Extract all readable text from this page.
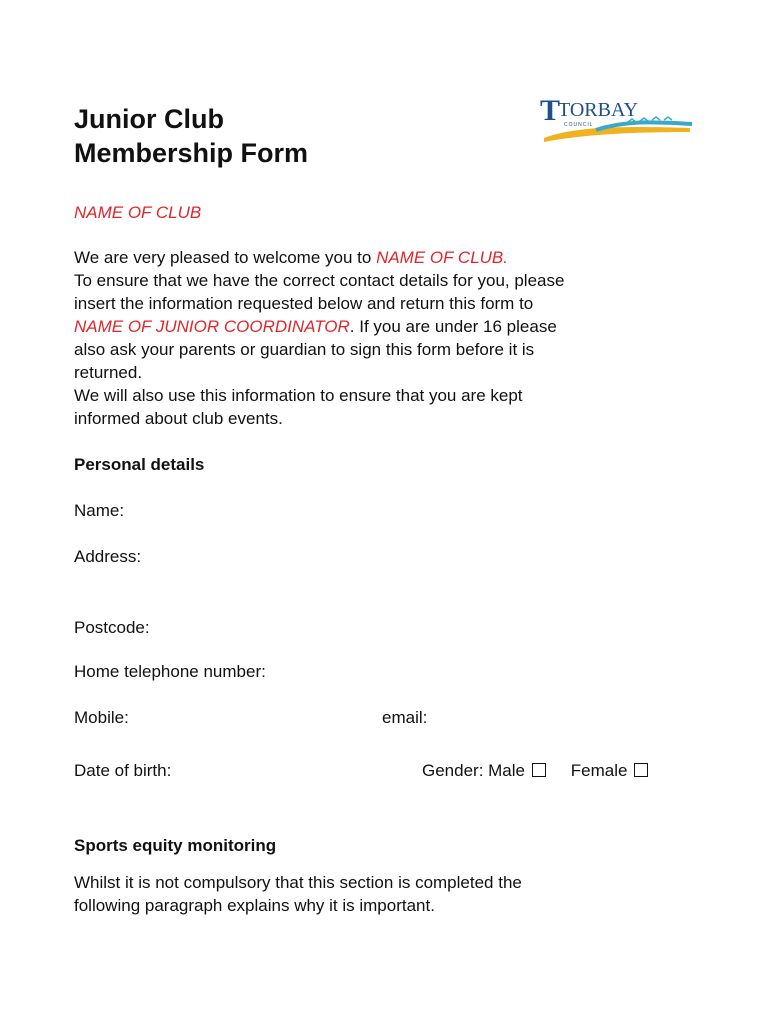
Junior Club
Membership Form
T
TORBAY
COUNCIL
NAME OF CLUB
We are very pleased to welcome you to NAME OF CLUB.
To ensure that we have the correct contact details for you, please
insert the information requested below and return this form to
NAME OF JUNIOR COORDINATOR. If you are under 16 please
also ask your parents or guardian to sign this form before it is
returned.
We will also use this information to ensure that you are kept
informed about club events.
Personal details
Name:
Address:
Postcode:
Home telephone number:
Mobile:	email:
Date of birth:	Gender: Male	Female
Sports equity monitoring
Whilst it is not compulsory that this section is completed the
following paragraph explains why it is important.
